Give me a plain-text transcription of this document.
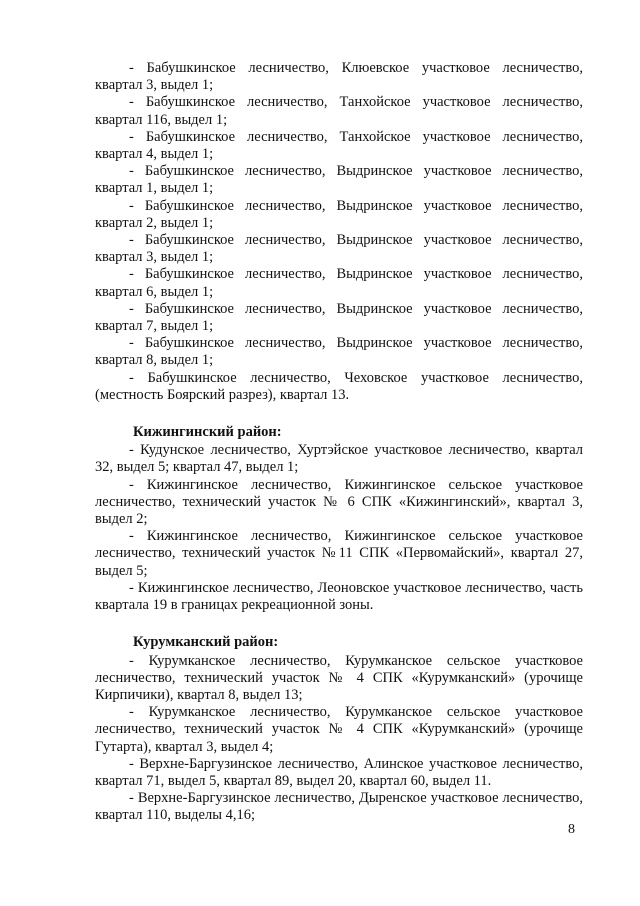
- Бабушкинское лесничество, Клюевское участковое лесничество, квартал 3, выдел 1;

- Бабушкинское лесничество, Танхойское участковое лесничество, квартал 116, выдел 1;

- Бабушкинское лесничество, Танхойское участковое лесничество, квартал 4, выдел 1;

- Бабушкинское лесничество, Выдринское участковое лесничество, квартал 1, выдел 1;

- Бабушкинское лесничество, Выдринское участковое лесничество, квартал 2, выдел 1;

- Бабушкинское лесничество, Выдринское участковое лесничество, квартал 3, выдел 1;

- Бабушкинское лесничество, Выдринское участковое лесничество, квартал 6, выдел 1;

- Бабушкинское лесничество, Выдринское участковое лесничество, квартал 7, выдел 1;

- Бабушкинское лесничество, Выдринское участковое лесничество, квартал 8, выдел 1;

- Бабушкинское лесничество, Чеховское участковое лесничество, (местность Боярский разрез), квартал 13.

Кижингинский район:

- Кудунское лесничество, Хуртэйское участковое лесничество, квартал 32, выдел 5; квартал 47, выдел 1;

- Кижингинское лесничество, Кижингинское сельское участковое лесничество, технический участок № 6 СПК «Кижингинский», квартал 3, выдел 2;

- Кижингинское лесничество, Кижингинское сельское участковое лесничество, технический участок №11 СПК «Первомайский», квартал 27, выдел 5;

- Кижингинское лесничество, Леоновское участковое лесничество, часть квартала 19 в границах рекреационной зоны.

Курумканский район:

- Курумканское лесничество, Курумканское сельское участковое лесничество, технический участок № 4 СПК «Курумканский» (урочище Кирпичики), квартал 8, выдел 13;

- Курумканское лесничество, Курумканское сельское участковое лесничество, технический участок № 4 СПК «Курумканский» (урочище Гутарта), квартал 3, выдел 4;

- Верхне-Баргузинское лесничество, Алинское участковое лесничество, квартал 71, выдел 5, квартал 89, выдел 20, квартал 60, выдел 11.

- Верхне-Баргузинское лесничество, Дыренское участковое лесничество, квартал 110, выделы 4,16;

8
